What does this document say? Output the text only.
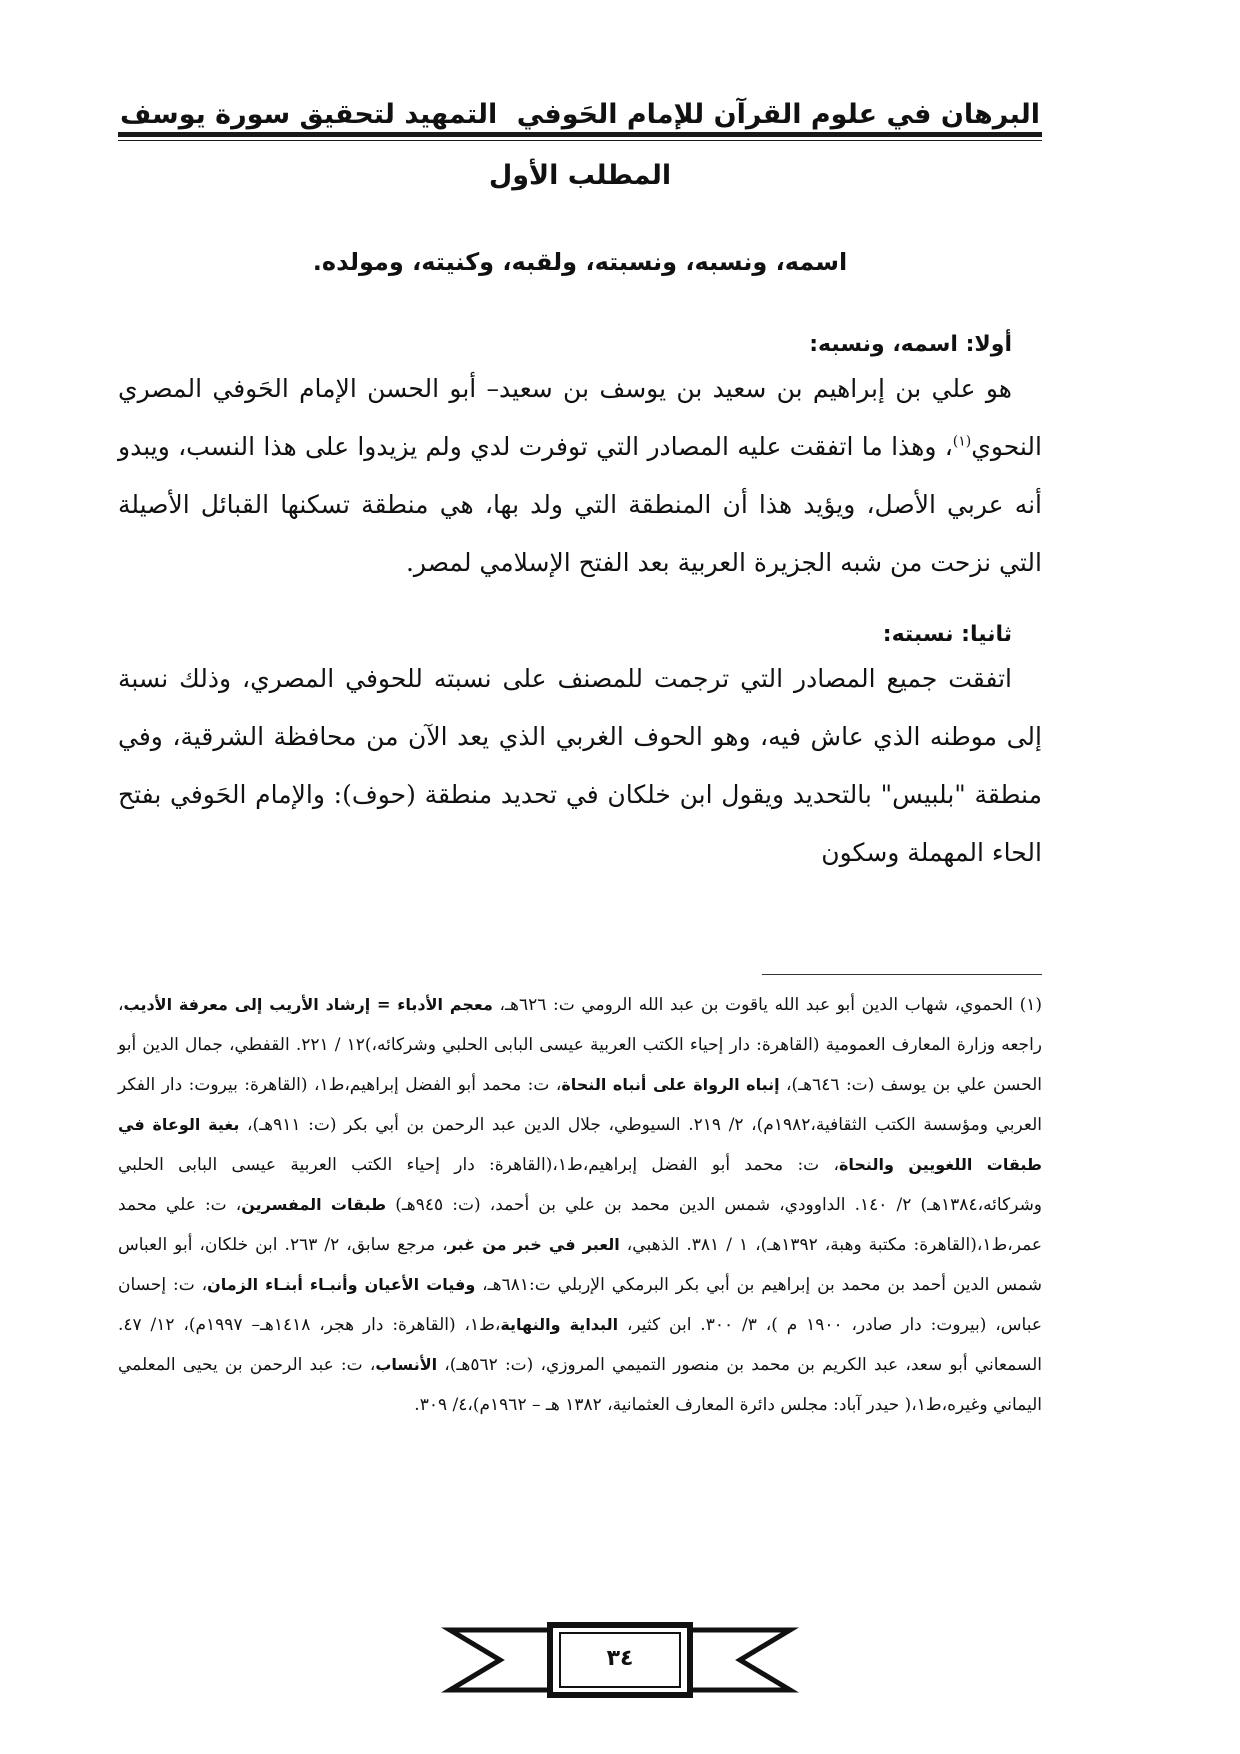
البرهان في علوم القرآن للإمام الحَوفي
التمهيد لتحقيق سورة يوسف
المطلب الأول
اسمه، ونسبه، ونسبته، ولقبه، وكنيته، ومولده.
أولا: اسمه، ونسبه:

هو علي بن إبراهيم بن سعيد بن يوسف بن سعيد– أبو الحسن الإمام الحَوفي المصري النحوي$^{(١)}$، وهذا ما اتفقت عليه المصادر التي توفرت لدي ولم يزيدوا على هذا النسب، ويبدو أنه عربي الأصل، ويؤيد هذا أن المنطقة التي ولد بها، هي منطقة تسكنها القبائل الأصيلة التي نزحت من شبه الجزيرة العربية بعد الفتح الإسلامي لمصر.

ثانيا: نسبته:

اتفقت جميع المصادر التي ترجمت للمصنف على نسبته للحوفي المصري، وذلك نسبة إلى موطنه الذي عاش فيه، وهو الحوف الغربي الذي يعد الآن من محافظة الشرقية، وفي منطقة "بلبيس" بالتحديد ويقول ابن خلكان في تحديد منطقة (حوف): والإمام الحَوفي بفتح الحاء المهملة وسكون

(١) الحموي، شهاب الدين أبو عبد الله ياقوت بن عبد الله الرومي ت: ٦٢٦هـ، معجم الأدباء = إرشاد الأريب إلى معرفة الأديب، راجعه وزارة المعارف العمومية (القاهرة: دار إحياء الكتب العربية عيسى البابى الحلبي وشركائه،)١٢ / ٢٢١. القفطي، جمال الدين أبو الحسن علي بن يوسف (ت: ٦٤٦هـ)، إنباه الرواة على أنباه النحاة، ت: محمد أبو الفضل إبراهيم،ط١، (القاهرة: بيروت: دار الفكر العربي ومؤسسة الكتب الثقافية،١٩٨٢م)، ٢/ ٢١٩. السيوطي، جلال الدين عبد الرحمن بن أبي بكر (ت: ٩١١هـ)، بغية الوعاة في طبقات اللغويين والنحاة، ت: محمد أبو الفضل إبراهيم،ط١،(القاهرة: دار إحياء الكتب العربية عيسى البابى الحلبي وشركائه،١٣٨٤هـ) ٢/ ١٤٠. الداوودي، شمس الدين محمد بن علي بن أحمد، (ت: ٩٤٥هـ) طبقات المفسرين، ت: علي محمد عمر،ط١،(القاهرة: مكتبة وهبة، ١٣٩٢هـ)، ١ / ٣٨١. الذهبي، العبر في خبر من غبر، مرجع سابق، ٢/ ٢٦٣. ابن خلكان، أبو العباس شمس الدين أحمد بن محمد بن إبراهيم بن أبي بكر البرمكي الإربلي ت:٦٨١هـ، وفيات الأعيان وأنبـاء أبنـاء الزمان، ت: إحسان عباس، (بيروت: دار صادر، ١٩٠٠ م )، ٣/ ٣٠٠. ابن كثير، البداية والنهاية،ط١، (القاهرة: دار هجر، ١٤١٨هـ– ١٩٩٧م)، ١٢/ ٤٧. السمعاني أبو سعد، عبد الكريم بن محمد بن منصور التميمي المروزي، (ت: ٥٦٢هـ)، الأنساب، ت: عبد الرحمن بن يحيى المعلمي اليماني وغيره،ط١،( حيدر آباد: مجلس دائرة المعارف العثمانية، ١٣٨٢ هـ – ١٩٦٢م)،٤/ ٣٠٩.
٣٤
